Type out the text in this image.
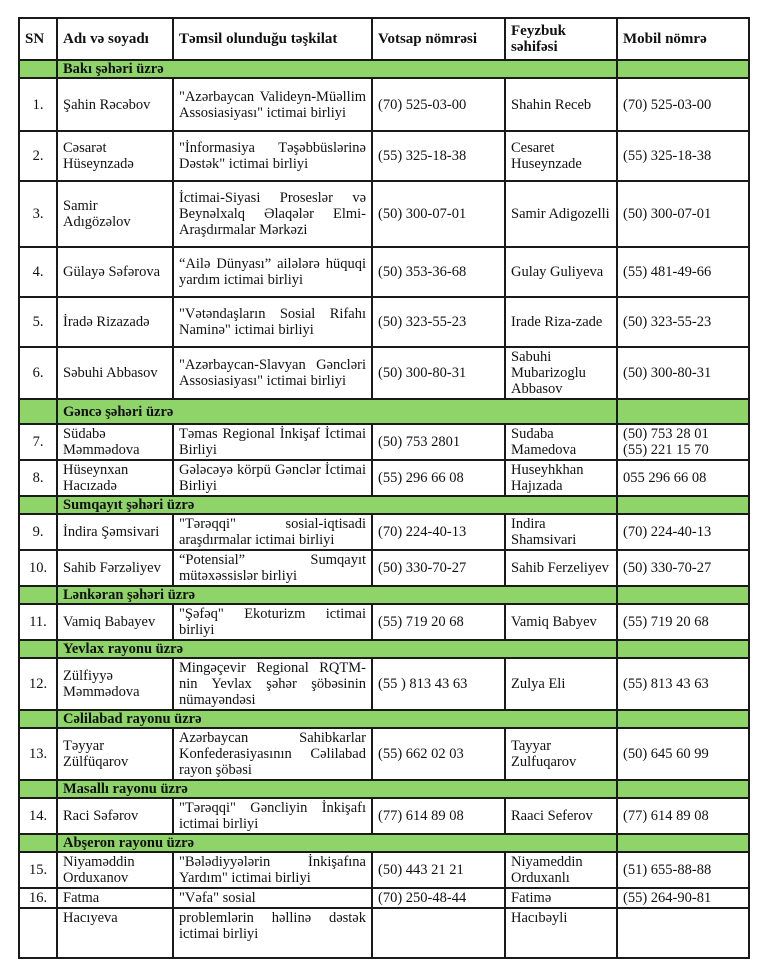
SN	Adı və soyadı	Təmsil olunduğu təşkilat	Votsap nömrəsi	Feyzbuk səhifəsi	Mobil nömrə
	Bakı şəhəri üzrə				
1.	Şahin Rəcəbov	"Azərbaycan Valideyn-Müəllim Assosiasiyası" ictimai birliyi	(70) 525-03-00	Shahin Receb	(70) 525-03-00
2.	Cəsarət Hüseynzadə	"İnformasiya Təşəbbüslərinə Dəstək" ictimai birliyi	(55) 325-18-38	Cesaret Huseynzade	(55) 325-18-38
3.	Samir Adıgözəlov	İctimai-Siyasi Proseslər və Beynəlxalq Əlaqələr Elmi-Araşdırmalar Mərkəzi	(50) 300-07-01	Samir Adigozelli	(50) 300-07-01
4.	Gülayə Səfərova	“Ailə Dünyası” ailələrə hüquqi yardım ictimai birliyi	(50) 353-36-68	Gulay Guliyeva	(55) 481-49-66
5.	İradə Rizazadə	"Vətəndaşların Sosial Rifahı Naminə" ictimai birliyi	(50) 323-55-23	Irade Riza-zade	(50) 323-55-23
6.	Səbuhi Abbasov	"Azərbaycan-Slavyan Gəncləri Assosiasiyası" ictimai birliyi	(50) 300-80-31	Sabuhi Mubarizoglu Abbasov	(50) 300-80-31
	Gəncə şəhəri üzrə				
7.	Südabə Məmmədova	Təmas Regional İnkişaf İctimai Birliyi	(50) 753 2801	Sudaba Mamedova	(50) 753 28 01
(55) 221 15 70

8.	Hüseynxan Hacızadə	Gələcəyə körpü Gənclər İctimai Birliyi	(55) 296 66 08	Huseyhkhan Hajızada	055 296 66 08
	Sumqayıt şəhəri üzrə				
9.	İndira Şəmsivari	"Tərəqqi" sosial-iqtisadi araşdırmalar ictimai birliyi	(70) 224-40-13	Indira Shamsivari	(70) 224-40-13
10.	Sahib Fərzəliyev	“Potensial” Sumqayıt mütəxəssislər birliyi	(50) 330-70-27	Sahib Ferzeliyev	(50) 330-70-27
	Lənkəran şəhəri üzrə				
11.	Vamiq Babayev	"Şəfəq" Ekoturizm ictimai birliyi	(55) 719 20 68	Vamiq Babyev	(55) 719 20 68
	Yevlax rayonu üzrə				
12.	Zülfiyyə Məmmədova	Mingəçevir Regional RQTM-nin Yevlax şəhər şöbəsinin nümayəndəsi	(55 ) 813 43 63	Zulya Eli	(55) 813 43 63
	Cəlilabad rayonu üzrə				
13.	Təyyar Zülfüqarov	Azərbaycan Sahibkarlar Konfederasiyasının Cəlilabad rayon şöbəsi	(55) 662 02 03	Tayyar Zulfuqarov	(50) 645 60 99
	Masallı rayonu üzrə				
14.	Raci Səfərov	"Tərəqqi" Gəncliyin İnkişafı ictimai birliyi	(77) 614 89 08	Raaci Seferov	(77) 614 89 08
	Abşeron rayonu üzrə				
15.	Niyaməddin Orduxanov	"Bələdiyyələrin İnkişafına Yardım" ictimai birliyi	(50) 443 21 21	Niyameddin Orduxanlı	(51) 655-88-88
16.	Fatma	"Vəfa" sosial	(70) 250-48-44	Fatimə	(55) 264-90-81
	Hacıyeva	problemlərin həllinə dəstək ictimai birliyi		Hacıbəyli	
